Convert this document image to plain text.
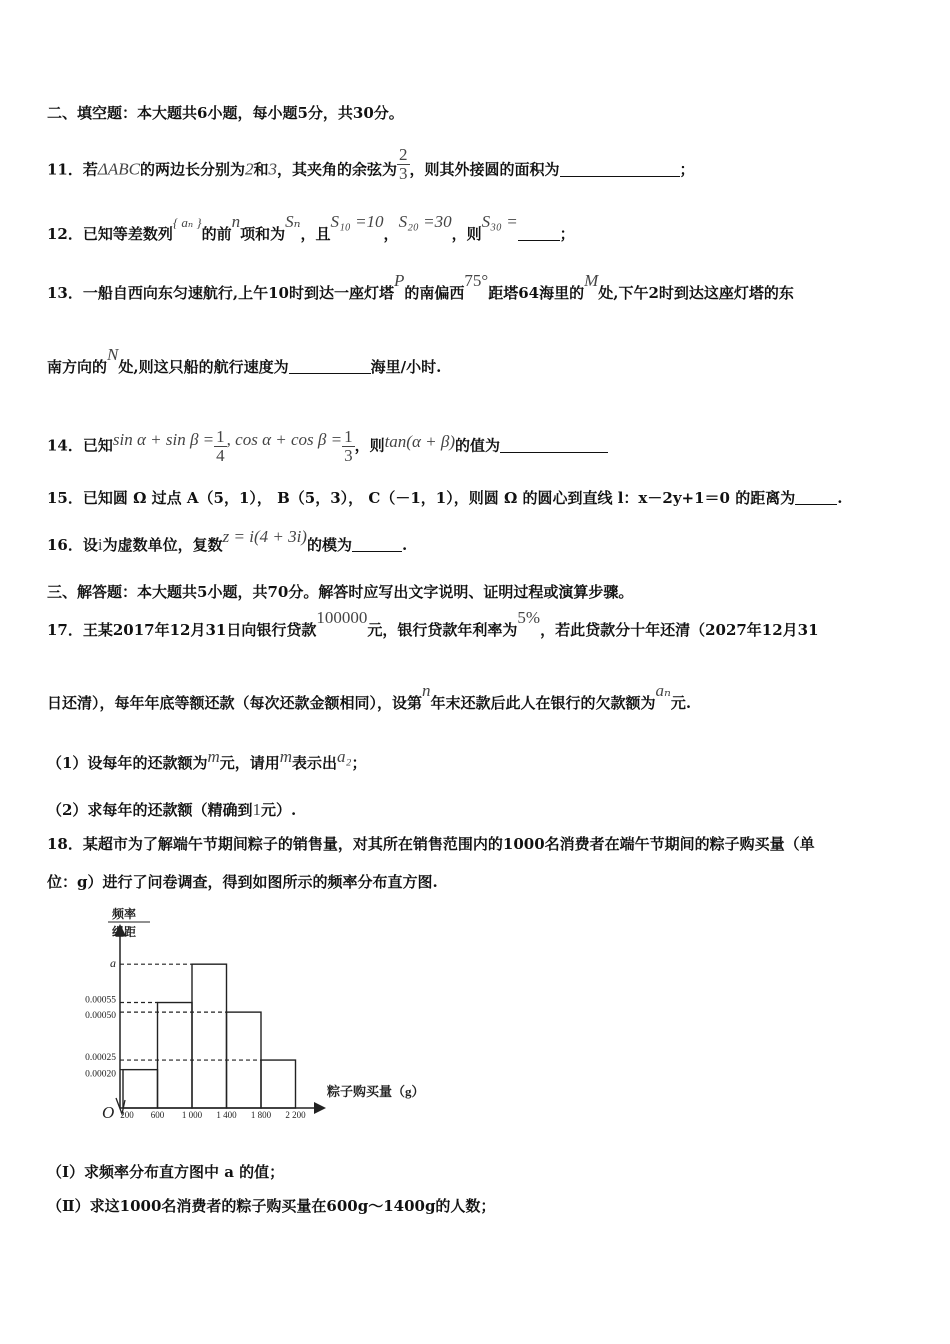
二、填空题：本大题共6小题，每小题5分，共30分。
11．若ΔABC的两边长分别为2和3，其夹角的余弦为 $\frac{2}{3}$ ，则其外接圆的面积为	；
12．已知等差数列{ aₙ }的前n项和为Sₙ，且S₁₀ =10，S₂₀ =30，则S₃₀ =；
13．一船自西向东匀速航行,上午10时到达一座灯塔P的南偏西75°距塔64海里的M处,下午2时到达这座灯塔的东
南方向的N处,则这只船的航行速度为	海里/小时.
14．已知$\sin \alpha + \sin \beta = \frac{1}{4}$ , $\cos \alpha + \cos \beta = \frac{1}{3}$ ，则tan(α + β)的值为
15．已知圆 Ω 过点 A（5，1）， B（5，3）， C（－1，1），则圆 Ω 的圆心到直线 l：x－2y+1＝0 的距离为	.
16．设i为虚数单位，复数z = i(4 + 3i)的模为	.
三、解答题：本大题共5小题，共70分。解答时应写出文字说明、证明过程或演算步骤。
17．王某2017年12月31日向银行贷款100000元，银行贷款年利率为5%，若此贷款分十年还清（2027年12月31
日还清），每年年底等额还款（每次还款金额相同），设第n年末还款后此人在银行的欠款额为aₙ元.
（1）设每年的还款额为m元，请用m表示出a₂；
（2）求每年的还款额（精确到1元）.
18．某超市为了解端午节期间粽子的销售量，对其所在销售范围内的1000名消费者在端午节期间的粽子购买量（单
位：g）进行了问卷调查，得到如图所示的频率分布直方图.
a
0.00055
0.00050
0.00025
0.00020
200 600 1 000 1 400 1 800 2 200
O
频率
组距
粽子购买量（g）
（Ⅰ）求频率分布直方图中 a 的值；
（Ⅱ）求这1000名消费者的粽子购买量在600g～1400g的人数；
